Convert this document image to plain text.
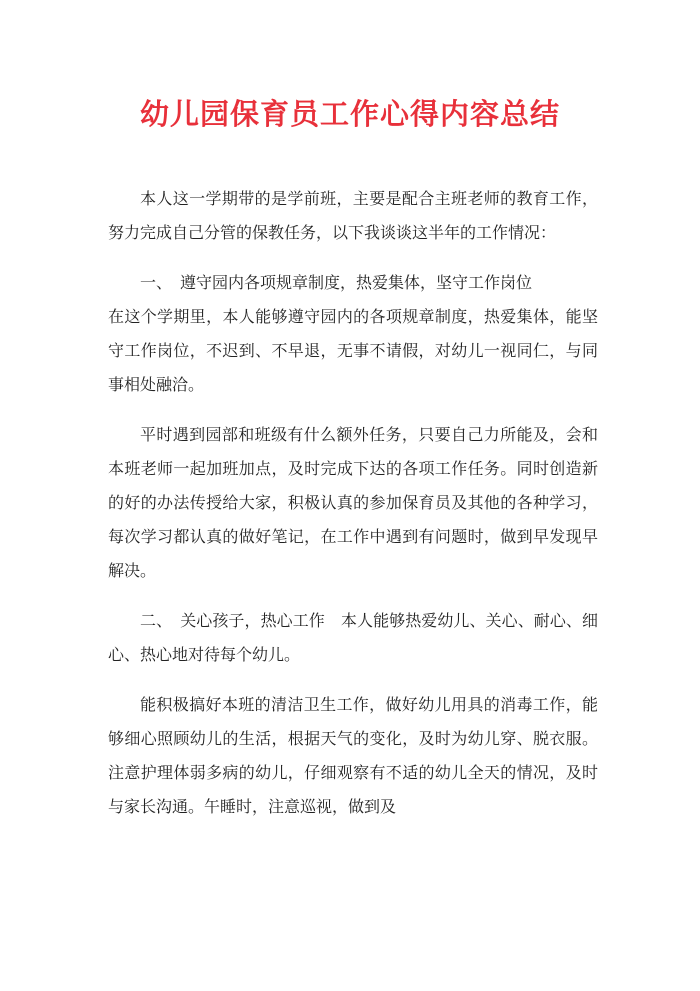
幼儿园保育员工作心得内容总结

本人这一学期带的是学前班，主要是配合主班老师的教育工作，努力完成自己分管的保教任务，以下我谈谈这半年的工作情况：

一、　遵守园内各项规章制度，热爱集体，坚守工作岗位

在这个学期里，本人能够遵守园内的各项规章制度，热爱集体，能坚守工作岗位，不迟到、不早退，无事不请假，对幼儿一视同仁，与同事相处融洽。

平时遇到园部和班级有什么额外任务，只要自己力所能及，会和本班老师一起加班加点，及时完成下达的各项工作任务。同时创造新的好的办法传授给大家，积极认真的参加保育员及其他的各种学习，每次学习都认真的做好笔记，在工作中遇到有问题时，做到早发现早解决。

二、　关心孩子，热心工作　本人能够热爱幼儿、关心、耐心、细心、热心地对待每个幼儿。

能积极搞好本班的清洁卫生工作，做好幼儿用具的消毒工作，能够细心照顾幼儿的生活，根据天气的变化，及时为幼儿穿、脱衣服。注意护理体弱多病的幼儿，仔细观察有不适的幼儿全天的情况，及时与家长沟通。午睡时，注意巡视，做到及
